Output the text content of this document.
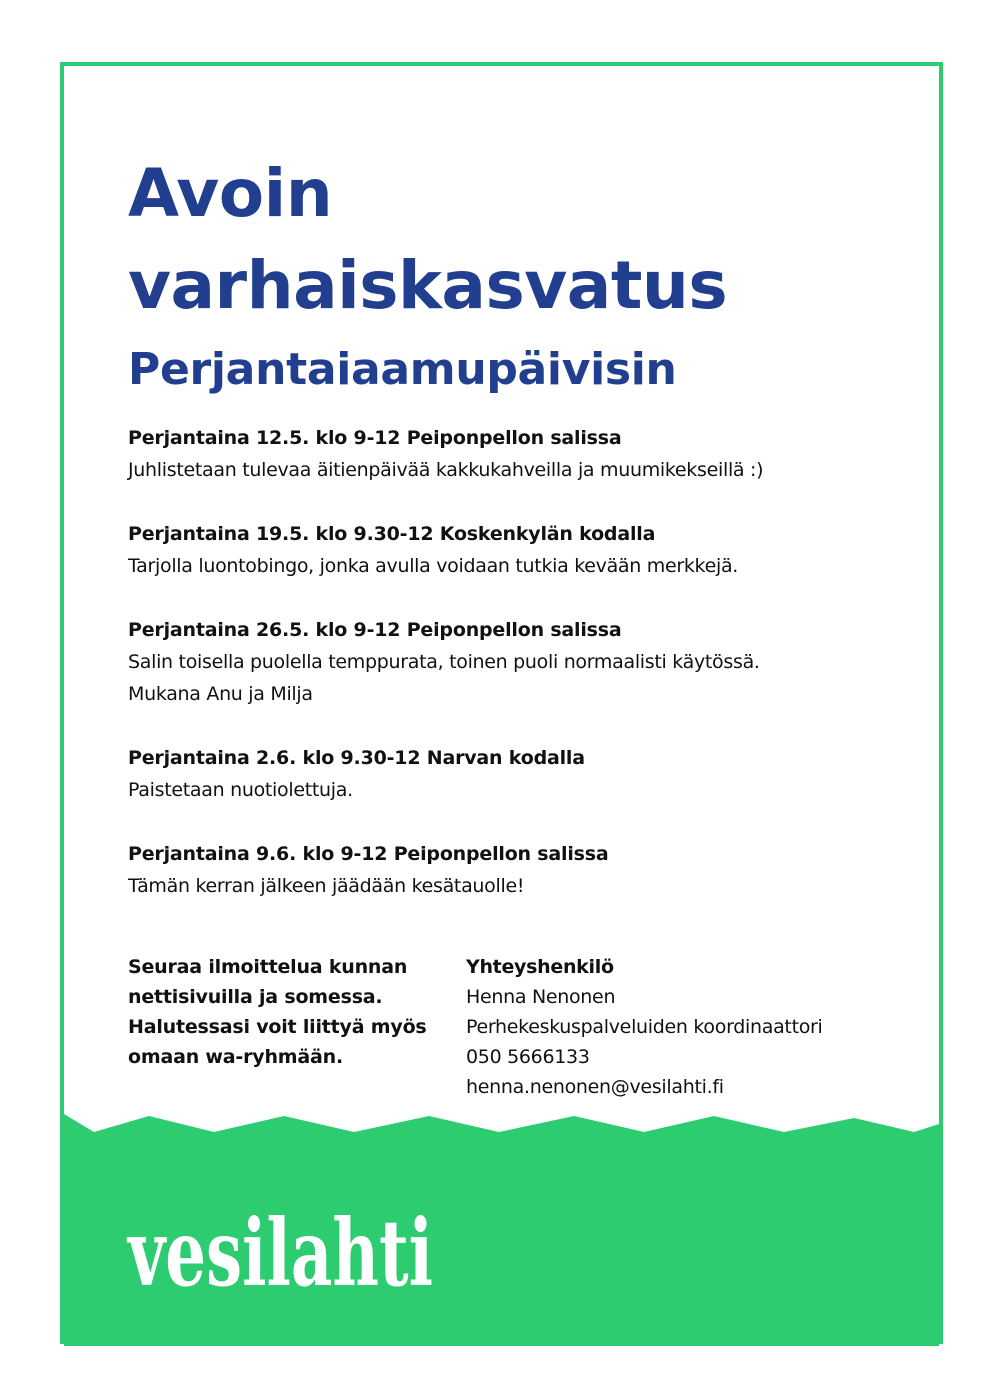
Avoin
varhaiskasvatus
Perjantaiaamupäivisin
Perjantaina 12.5. klo 9-12 Peiponpellon salissa
Juhlistetaan tulevaa äitienpäivää kakkukahveilla ja muumikekseillä :)
Perjantaina 19.5. klo 9.30-12 Koskenkylän kodalla
Tarjolla luontobingo, jonka avulla voidaan tutkia kevään merkkejä.
Perjantaina 26.5. klo 9-12 Peiponpellon salissa
Salin toisella puolella temppurata, toinen puoli normaalisti käytössä.
Mukana Anu ja Milja
Perjantaina 2.6. klo 9.30-12 Narvan kodalla
Paistetaan nuotiolettuja.
Perjantaina 9.6. klo 9-12 Peiponpellon salissa
Tämän kerran jälkeen jäädään kesätauolle!
Seuraa ilmoittelua kunnan
nettisivuilla ja somessa.
Halutessasi voit liittyä myös
omaan wa-ryhmään.
Yhteyshenkilö
Henna Nenonen
Perhekeskuspalveluiden koordinaattori
050 5666133
henna.nenonen@vesilahti.fi
vesilahti
